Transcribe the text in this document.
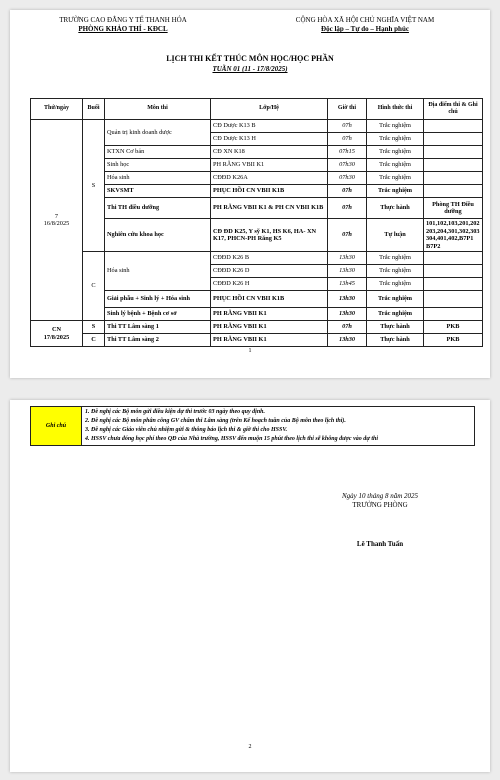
TRƯỜNG CAO ĐẲNG Y TẾ THANH HÓA
PHÒNG KHẢO THÍ - KĐCL
CỘNG HÒA XÃ HỘI CHỦ NGHĨA VIỆT NAM
Độc lập – Tự do – Hạnh phúc
LỊCH THI KẾT THÚC MÔN HỌC/HỌC PHẦN
TUẦN 01 (11 - 17/8/2025)
Thứ/ngày	Buổi	Môn thi	Lớp/Hệ	Giờ thi	Hình thức thi	Địa điểm thi & Ghi chú

7
16/8/2025	S	Quản trị kinh doanh dược	CĐ Dược K13 B	07h	Trắc nghiệm	
			CĐ Dược K13 H	07h	Trắc nghiệm	
		KTXN Cơ bản	CĐ XN K18	07h15	Trắc nghiệm	
		Sinh học	PH RĂNG VBII K1	07h30	Trắc nghiệm	
		Hóa sinh	CĐĐD K26A	07h30	Trắc nghiệm	
		SKVSMT	PHỤC HỒI CN VBII K1B	07h	Trắc nghiệm	
		Thi TH điều dưỡng	PH RĂNG VBII K1 & PH CN VBII K1B	07h	Thực hành	Phòng TH Điều dưỡng
		Nghiên cứu khoa học	CĐ ĐD K25, Y sỹ K1, HS K6, HA- XN K17, PHCN-PH Răng K5	07h	Tự luận	101,102,103,201,202 203,204,301,302,303 304,401,402,B7P1 B7P2
	C	Hóa sinh	CĐĐD K26 B	13h30	Trắc nghiệm	
			CĐĐD K26 D	13h30	Trắc nghiệm	
			CĐĐD K26 H	13h45	Trắc nghiệm	
		Giải phẫu + Sinh lý + Hóa sinh	PHỤC HỒI CN VBII K1B	13h30	Trắc nghiệm	
		Sinh lý bệnh + Bệnh cơ sở	PH RĂNG VBII K1	13h30	Trắc nghiệm	

CN
17/8/2025	S	Thi TT Lâm sàng 1	PH RĂNG VBII K1	07h	Thực hành	PKB
	C	Thi TT Lâm sàng 2	PH RĂNG VBII K1	13h30	Thực hành	PKB
1
Ghi chú	
1. Đề nghị các Bộ môn gửi điều kiện dự thi trước 03 ngày theo quy định.
2. Đề nghị các Bộ môn phân công GV chấm thi Lâm sàng (trên Kế hoạch tuần của Bộ môn theo lịch thi).
3. Đề nghị các Giáo viên chủ nhiệm gửi & thông báo lịch thi & giờ thi cho HSSV.
4. HSSV chưa đóng học phí theo QĐ của Nhà trường, HSSV đến muộn 15 phút theo lịch thi sẽ không được vào dự thi
Ngày 10 tháng 8 năm 2025
TRƯỞNG PHÒNG
Lê Thanh Tuấn
2
